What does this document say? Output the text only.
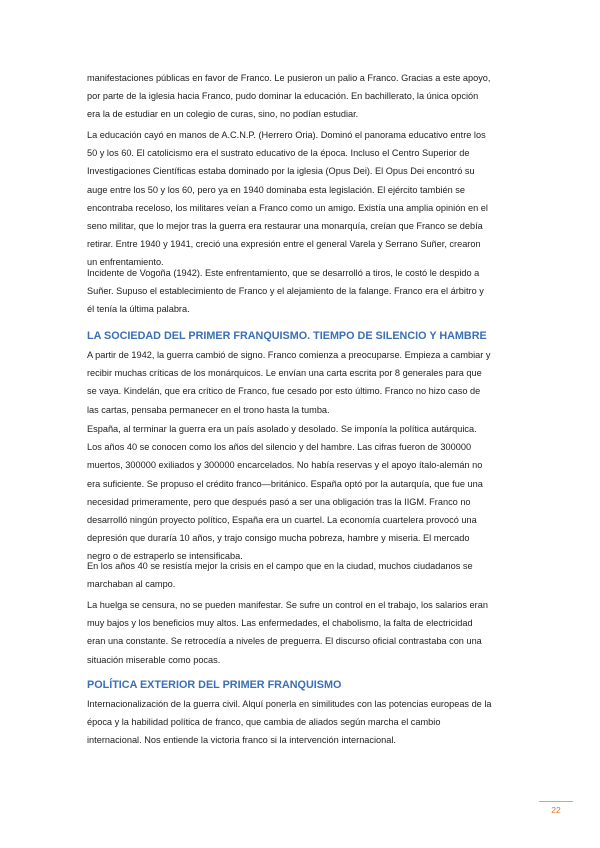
manifestaciones públicas en favor de Franco. Le pusieron un palio a Franco. Gracias a este apoyo, por parte de la iglesia hacia Franco, pudo dominar la educación. En bachillerato, la única opción era la de estudiar en un colegio de curas, sino, no podían estudiar.

La educación cayó en manos de A.C.N.P. (Herrero Oria). Dominó el panorama educativo entre los 50 y los 60. El catolicismo era el sustrato educativo de la época. Incluso el Centro Superior de Investigaciones Científicas estaba dominado por la iglesia (Opus Dei). El Opus Dei encontró su auge entre los 50 y los 60, pero ya en 1940 dominaba esta legislación. El ejército también se encontraba receloso, los militares veían a Franco como un amigo. Existía una amplia opinión en el seno militar, que lo mejor tras la guerra era restaurar una monarquía, creían que Franco se debía retirar. Entre 1940 y 1941, creció una expresión entre el general Varela y Serrano Suñer, crearon un enfrentamiento.

Incidente de Vogoña (1942). Este enfrentamiento, que se desarrolló a tiros, le costó le despido a Suñer. Supuso el establecimiento de Franco y el alejamiento de la falange. Franco era el árbitro y él tenía la última palabra.

LA SOCIEDAD DEL PRIMER FRANQUISMO. TIEMPO DE SILENCIO Y HAMBRE

A partir de 1942, la guerra cambió de signo. Franco comienza a preocuparse. Empieza a cambiar y recibir muchas críticas de los monárquicos. Le envían una carta escrita por 8 generales para que se vaya. Kindelán, que era crítico de Franco, fue cesado por esto último. Franco no hizo caso de las cartas, pensaba permanecer en el trono hasta la tumba.

España, al terminar la guerra era un país asolado y desolado. Se imponía la política autárquica. Los años 40 se conocen como los años del silencio y del hambre. Las cifras fueron de 300000 muertos, 300000 exiliados y 300000 encarcelados. No había reservas y el apoyo ítalo-alemán no era suficiente. Se propuso el crédito franco—británico. España optó por la autarquía, que fue una necesidad primeramente, pero que después pasó a ser una obligación tras la IIGM. Franco no desarrolló ningún proyecto político, España era un cuartel. La economía cuartelera provocó una depresión que duraría 10 años, y trajo consigo mucha pobreza, hambre y miseria. El mercado negro o de estraperlo se intensificaba.

En los años 40 se resistía mejor la crisis en el campo que en la ciudad, muchos ciudadanos se marchaban al campo.

La huelga se censura, no se pueden manifestar. Se sufre un control en el trabajo, los salarios eran muy bajos y los beneficios muy altos. Las enfermedades, el chabolismo, la falta de electricidad eran una constante. Se retrocedía a niveles de preguerra. El discurso oficial contrastaba con una situación miserable como pocas.

POLÍTICA EXTERIOR DEL PRIMER FRANQUISMO

Internacionalización de la guerra civil. Alquí ponerla en similitudes con las potencias europeas de la época y la habilidad política de franco, que cambia de aliados según marcha el cambio internacional. Nos entiende la victoria franco si la intervención internacional.

22
